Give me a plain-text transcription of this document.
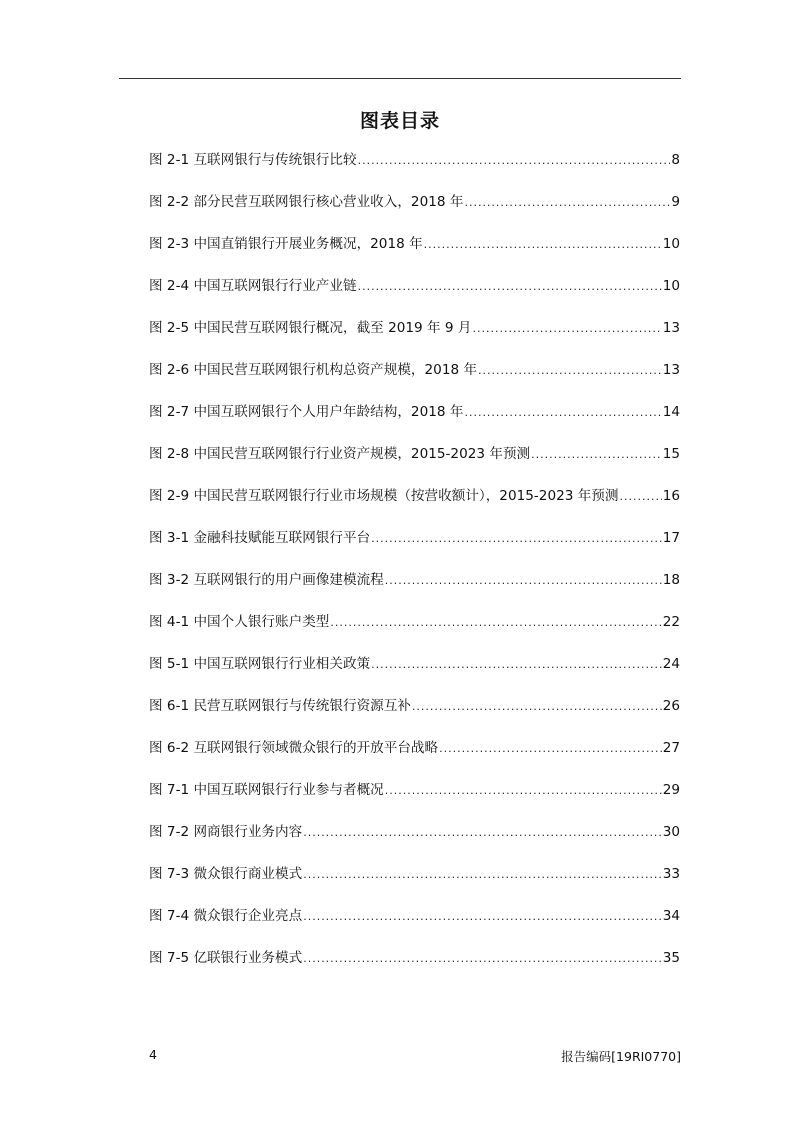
图表目录
图 2-1 互联网银行与传统银行比较 .....	8
图 2-2 部分民营互联网银行核心营业收入，2018 年 .....	9
图 2-3 中国直销银行开展业务概况，2018 年 .....	10
图 2-4 中国互联网银行行业产业链 .....	10
图 2-5 中国民营互联网银行概况，截至 2019 年 9 月 .....	13
图 2-6 中国民营互联网银行机构总资产规模，2018 年 .....	13
图 2-7 中国互联网银行个人用户年龄结构，2018 年 .....	14
图 2-8 中国民营互联网银行行业资产规模，2015-2023 年预测 .....	15
图 2-9 中国民营互联网银行行业市场规模（按营收额计），2015-2023 年预测 .....	16
图 3-1 金融科技赋能互联网银行平台 .....	17
图 3-2 互联网银行的用户画像建模流程 .....	18
图 4-1 中国个人银行账户类型 .....	22
图 5-1 中国互联网银行行业相关政策 .....	24
图 6-1 民营互联网银行与传统银行资源互补 .....	26
图 6-2 互联网银行领域微众银行的开放平台战略 .....	27
图 7-1 中国互联网银行行业参与者概况 .....	29
图 7-2 网商银行业务内容 .....	30
图 7-3 微众银行商业模式 .....	33
图 7-4 微众银行企业亮点 .....	34
图 7-5 亿联银行业务模式 .....	35
4	报告编码[19RI0770]
